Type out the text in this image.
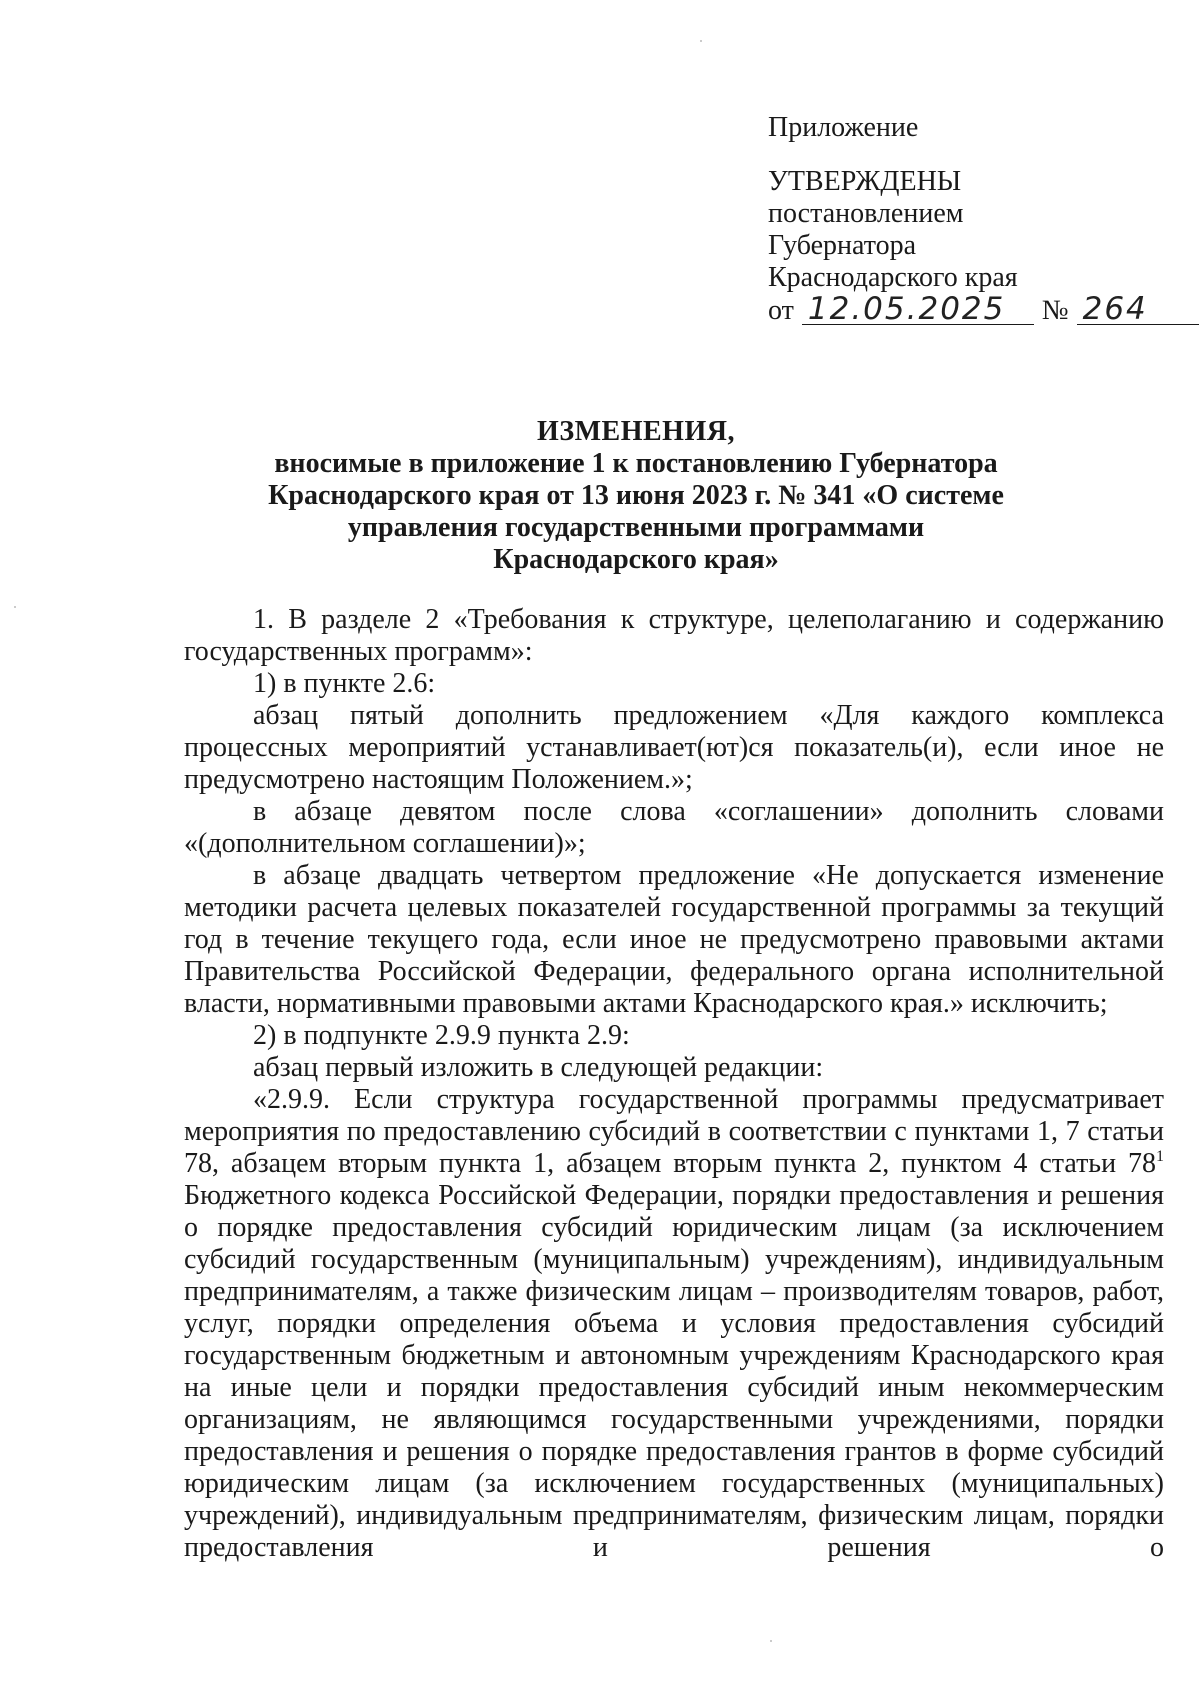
Приложение
УТВЕРЖДЕНЫ
постановлением
Губернатора
Краснодарского края
от 12.05.2025	№ 264
ИЗМЕНЕНИЯ,
вносимые в приложение 1 к постановлению Губернатора
Краснодарского края от 13 июня 2023 г. № 341 «О системе
управления государственными программами
Краснодарского края»

1. В разделе 2 «Требования к структуре, целеполаганию и содержанию государственных программ»:

1) в пункте 2.6:

абзац пятый дополнить предложением «Для каждого комплекса процессных мероприятий устанавливает(ют)ся показатель(и), если иное не предусмотрено настоящим Положением.»;

в абзаце девятом после слова «соглашении» дополнить словами «(дополнительном соглашении)»;

в абзаце двадцать четвертом предложение «Не допускается изменение методики расчета целевых показателей государственной программы за текущий год в течение текущего года, если иное не предусмотрено правовыми актами Правительства Российской Федерации, федерального органа исполнительной власти, нормативными правовыми актами Краснодарского края.» исключить;

2) в подпункте 2.9.9 пункта 2.9:

абзац первый изложить в следующей редакции:

«2.9.9. Если структура государственной программы предусматривает мероприятия по предоставлению субсидий в соответствии с пунктами 1, 7 статьи 78, абзацем вторым пункта 1, абзацем вторым пункта 2, пунктом 4 статьи $78^1$ Бюджетного кодекса Российской Федерации, порядки предоставления и решения о порядке предоставления субсидий юридическим лицам (за исключением субсидий государственным (муниципальным) учреждениям), индивидуальным предпринимателям, а также физическим лицам – производителям товаров, работ, услуг, порядки определения объема и условия предоставления субсидий государственным бюджетным и автономным учреждениям Краснодарского края на иные цели и порядки предоставления субсидий иным некоммерческим организациям, не являющимся государственными учреждениями, порядки предоставления и решения о порядке предоставления грантов в форме субсидий юридическим лицам (за исключением государственных (муниципальных) учреждений), индивидуальным предпринимателям, физическим лицам, порядки предоставления и решения о
